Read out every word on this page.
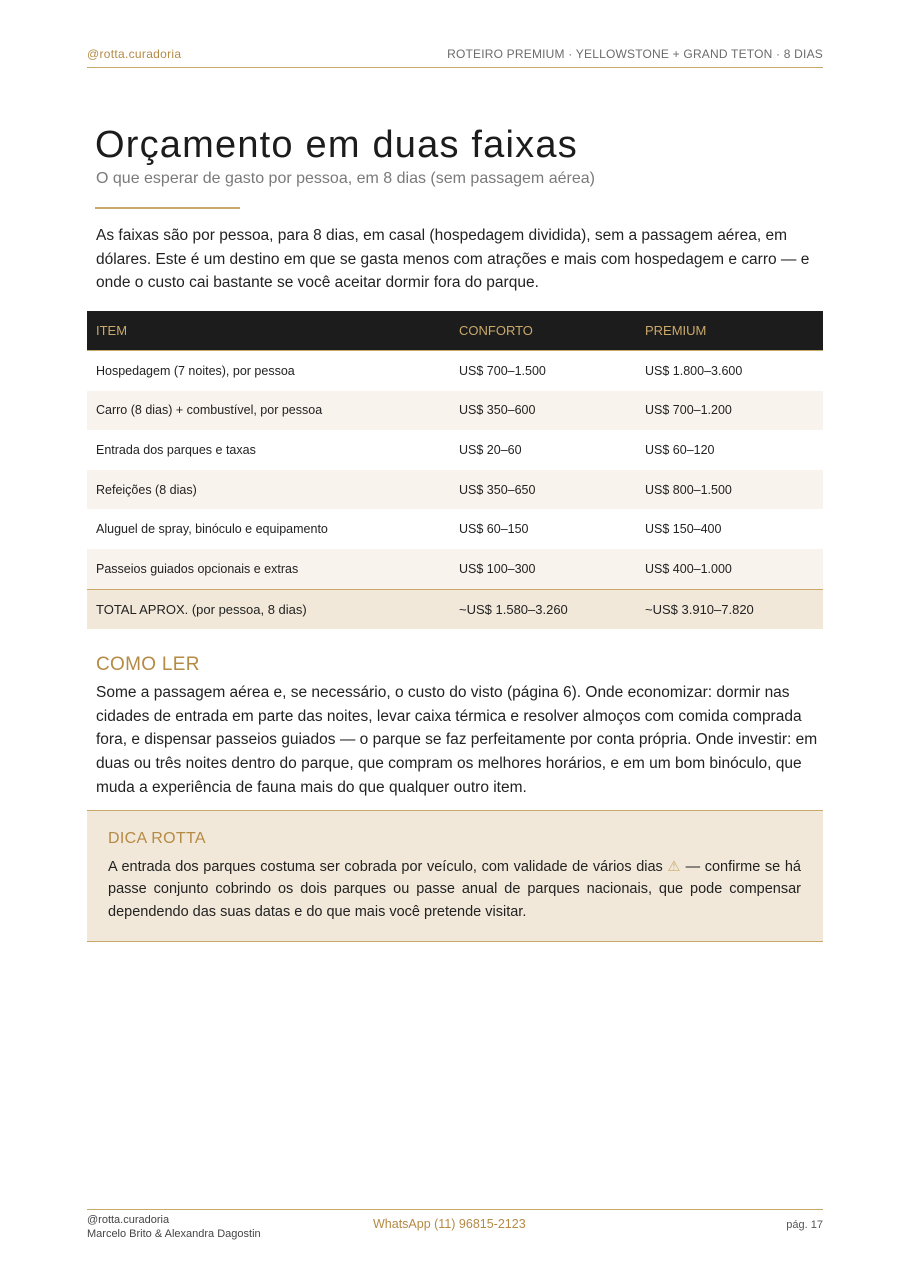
@rotta.curadoria	ROTEIRO PREMIUM · YELLOWSTONE + GRAND TETON · 8 DIAS
Orçamento em duas faixas
O que esperar de gasto por pessoa, em 8 dias (sem passagem aérea)

As faixas são por pessoa, para 8 dias, em casal (hospedagem dividida), sem a passagem aérea, em dólares. Este é um destino em que se gasta menos com atrações e mais com hospedagem e carro — e onde o custo cai bastante se você aceitar dormir fora do parque.

ITEM	CONFORTO	PREMIUM
Hospedagem (7 noites), por pessoa	US$ 700–1.500	US$ 1.800–3.600
Carro (8 dias) + combustível, por pessoa	US$ 350–600	US$ 700–1.200
Entrada dos parques e taxas	US$ 20–60	US$ 60–120
Refeições (8 dias)	US$ 350–650	US$ 800–1.500
Aluguel de spray, binóculo e equipamento	US$ 60–150	US$ 150–400
Passeios guiados opcionais e extras	US$ 100–300	US$ 400–1.000
TOTAL APROX. (por pessoa, 8 dias)	~US$ 1.580–3.260	~US$ 3.910–7.820
COMO LER

Some a passagem aérea e, se necessário, o custo do visto (página 6). Onde economizar: dormir nas cidades de entrada em parte das noites, levar caixa térmica e resolver almoços com comida comprada fora, e dispensar passeios guiados — o parque se faz perfeitamente por conta própria. Onde investir: em duas ou três noites dentro do parque, que compram os melhores horários, e em um bom binóculo, que muda a experiência de fauna mais do que qualquer outro item.

DICA ROTTA

A entrada dos parques costuma ser cobrada por veículo, com validade de vários dias ⚠ — confirme se há passe conjunto cobrindo os dois parques ou passe anual de parques nacionais, que pode compensar dependendo das suas datas e do que mais você pretende visitar.

@rotta.curadoria
Marcelo Brito & Alexandra Dagostin
WhatsApp (11) 96815-2123	pág. 17
